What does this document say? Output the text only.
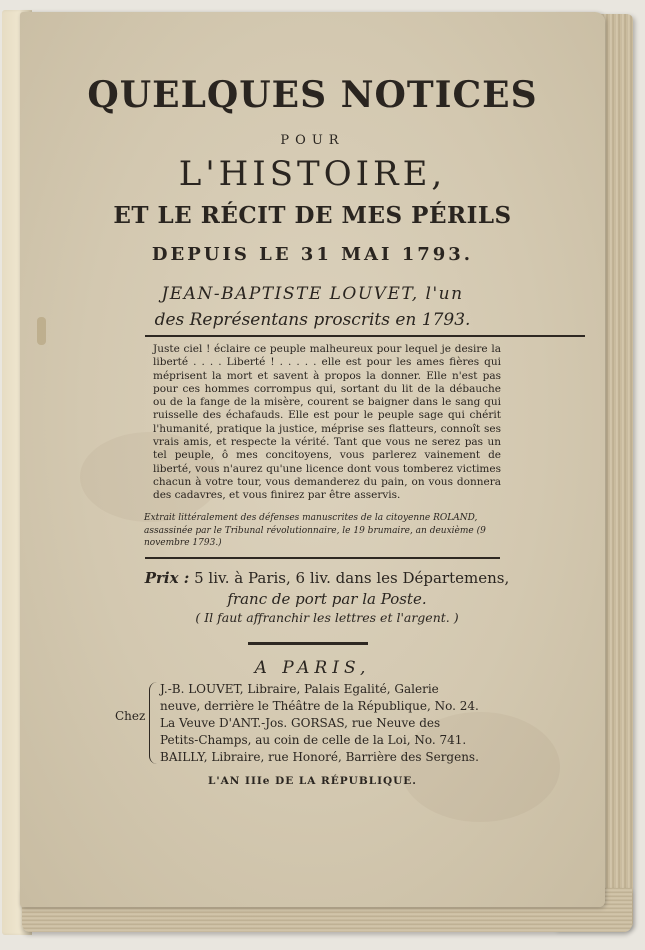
QUELQUES NOTICES
POUR
L'HISTOIRE,
ET LE RÉCIT DE MES PÉRILS
DEPUIS LE 31 MAI 1793.
JEAN-BAPTISTE LOUVET, l'un
des Représentans proscrits en 1793.

Juste ciel ! éclaire ce peuple malheureux pour lequel je desire la liberté . . . . Liberté ! . . . . . elle est pour les ames fières qui méprisent la mort et savent à propos la donner. Elle n'est pas pour ces hommes corrompus qui, sortant du lit de la débauche ou de la fange de la misère, courent se baigner dans le sang qui ruisselle des échafauds. Elle est pour le peuple sage qui chérit l'humanité, pratique la justice, méprise ses flatteurs, connoît ses vrais amis, et respecte la vérité. Tant que vous ne serez pas un tel peuple, ô mes concitoyens, vous parlerez vainement de liberté, vous n'aurez qu'une licence dont vous tomberez victimes chacun à votre tour, vous demanderez du pain, on vous donnera des cadavres, et vous finirez par être asservis.

Extrait littéralement des défenses manuscrites de la citoyenne ROLAND, assassinée par le Tribunal révolutionnaire, le 19 brumaire, an deuxième (9 novembre 1793.)

Prix : 5 liv. à Paris, 6 liv. dans les Départemens,
franc de port par la Poste.
( Il faut affranchir les lettres et l'argent. )
A PARIS,
Chez
J.-B. LOUVET, Libraire, Palais Egalité, Galerie
neuve, derrière le Théâtre de la République, No. 24.
La Veuve D'ANT.-Jos. GORSAS, rue Neuve des
Petits-Champs, au coin de celle de la Loi, No. 741.
BAILLY, Libraire, rue Honoré, Barrière des Sergens.
L'AN IIIe DE LA RÉPUBLIQUE.
